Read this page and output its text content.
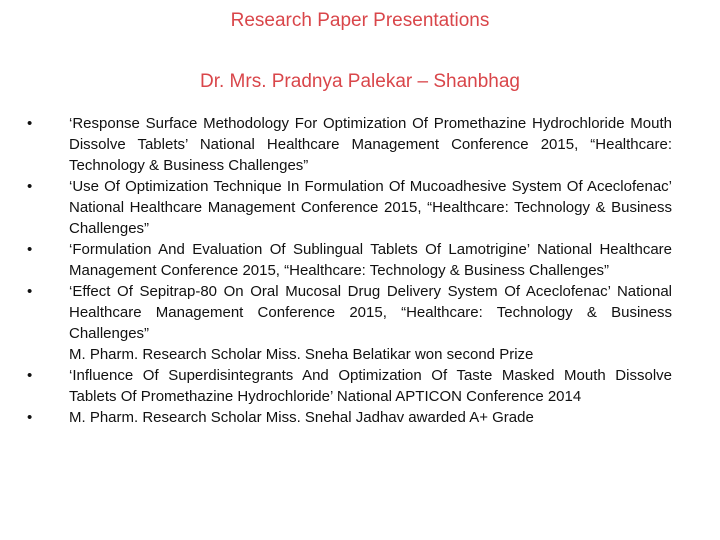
Research Paper Presentations
Dr. Mrs. Pradnya Palekar – Shanbhag
• ‘Response Surface Methodology For Optimization Of Promethazine Hydrochloride Mouth Dissolve Tablets’ National Healthcare Management Conference 2015, “Healthcare: Technology & Business Challenges”
• ‘Use Of Optimization Technique In Formulation Of Mucoadhesive System Of Aceclofenac’ National Healthcare Management Conference 2015, “Healthcare: Technology & Business Challenges”
• ‘Formulation And Evaluation Of Sublingual Tablets Of Lamotrigine’ National Healthcare Management Conference 2015, “Healthcare: Technology & Business Challenges”
• ‘Effect Of Sepitrap-80 On Oral Mucosal Drug Delivery System Of Aceclofenac’ National Healthcare Management Conference 2015, “Healthcare: Technology & Business Challenges”
M. Pharm. Research Scholar Miss. Sneha Belatikar won second Prize
• ‘Influence Of Superdisintegrants And Optimization Of Taste Masked Mouth Dissolve Tablets Of Promethazine Hydrochloride’ National APTICON Conference 2014
• M. Pharm. Research Scholar Miss. Snehal Jadhav awarded A+ Grade
